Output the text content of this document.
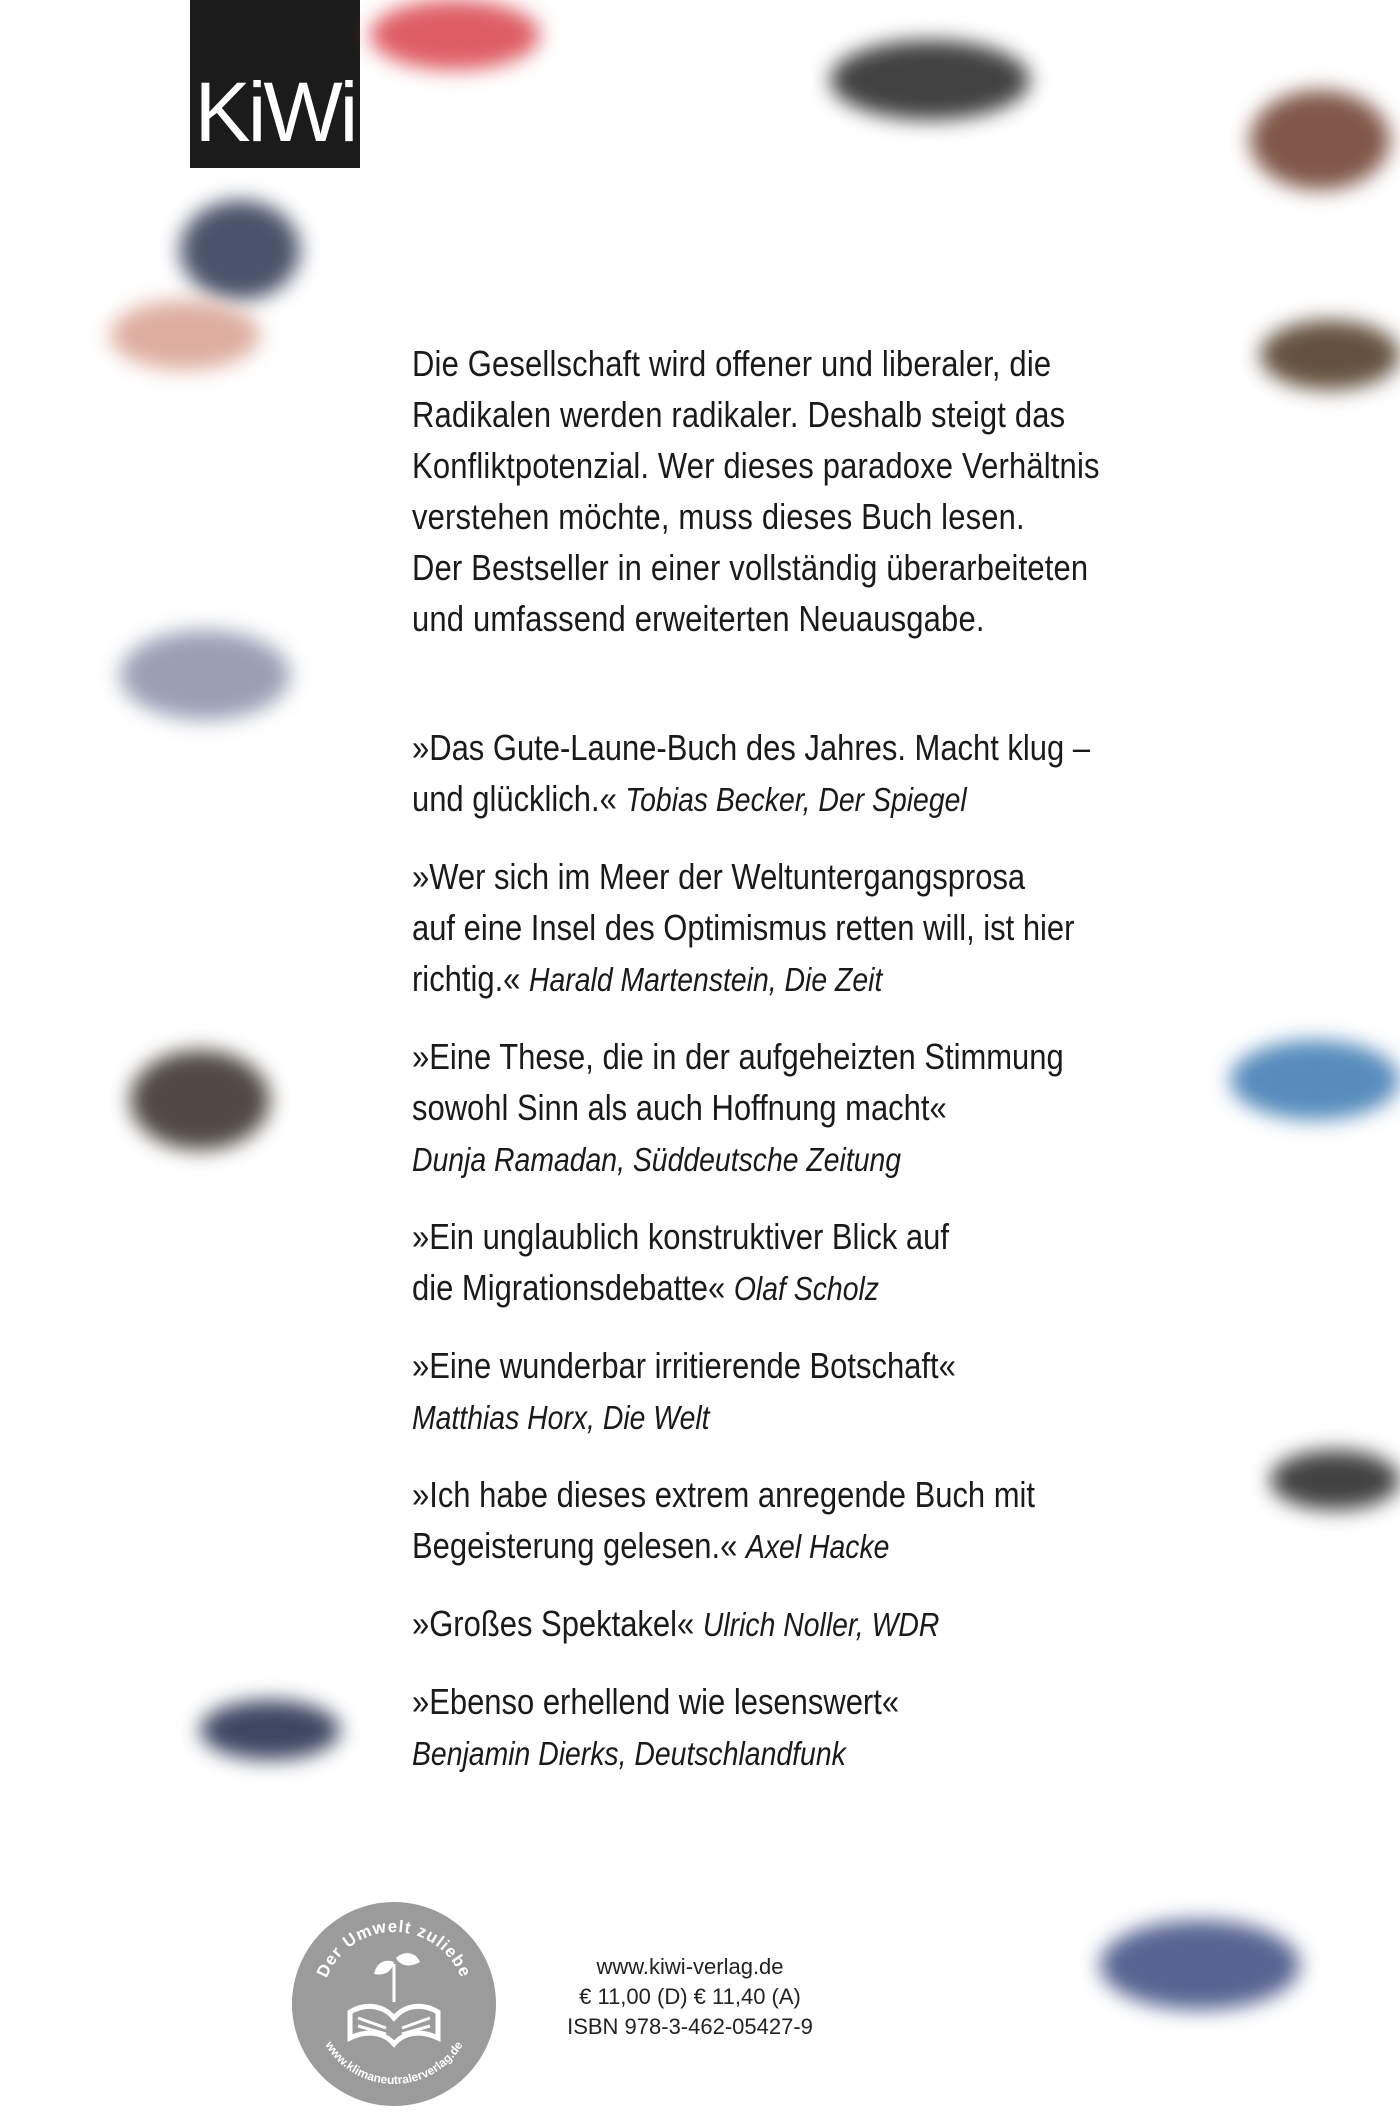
KiWi

Die Gesellschaft wird offener und liberaler, die

Radikalen werden radikaler. Deshalb steigt das

Konfliktpotenzial. Wer dieses paradoxe Verhältnis

verstehen möchte, muss dieses Buch lesen.

Der Bestseller in einer vollständig überarbeiteten

und umfassend erweiterten Neuausgabe.

»Das Gute-Laune-Buch des Jahres. Macht klug –
und glücklich.« Tobias Becker, Der Spiegel
»Wer sich im Meer der Weltuntergangsprosa
auf eine Insel des Optimismus retten will, ist hier
richtig.« Harald Martenstein, Die Zeit
»Eine These, die in der aufgeheizten Stimmung
sowohl Sinn als auch Hoffnung macht«
Dunja Ramadan, Süddeutsche Zeitung
»Ein unglaublich konstruktiver Blick auf
die Migrationsdebatte« Olaf Scholz
»Eine wunderbar irritierende Botschaft«
Matthias Horx, Die Welt
»Ich habe dieses extrem anregende Buch mit
Begeisterung gelesen.« Axel Hacke
»Großes Spektakel« Ulrich Noller, WDR
»Ebenso erhellend wie lesenswert«
Benjamin Dierks, Deutschlandfunk
Der Umwelt zuliebe
www.klimaneutralerverlag.de
www.kiwi-verlag.de
€ 11,00 (D) € 11,40 (A)
ISBN 978-3-462-05427-9
